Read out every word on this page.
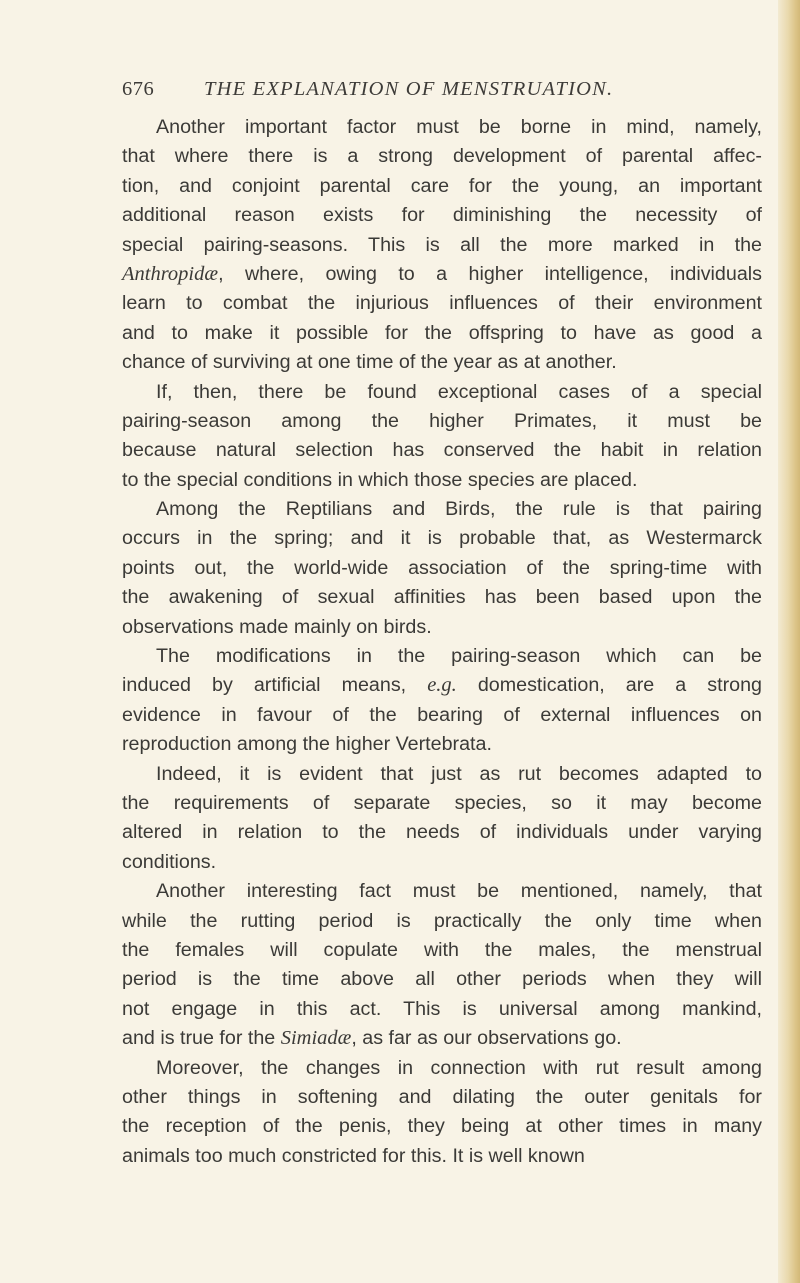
676 THE EXPLANATION OF MENSTRUATION.
Another important factor must be borne in mind, namely,
that where there is a strong development of parental affec-
tion, and conjoint parental care for the young, an important
additional reason exists for diminishing the necessity of
special pairing-seasons. This is all the more marked in the
Anthropidæ, where, owing to a higher intelligence, individuals
learn to combat the injurious influences of their environment
and to make it possible for the offspring to have as good a
chance of surviving at one time of the year as at another.
If, then, there be found exceptional cases of a special
pairing-season among the higher Primates, it must be
because natural selection has conserved the habit in relation
to the special conditions in which those species are placed.
Among the Reptilians and Birds, the rule is that pairing
occurs in the spring; and it is probable that, as Westermarck
points out, the world-wide association of the spring-time with
the awakening of sexual affinities has been based upon the
observations made mainly on birds.
The modifications in the pairing-season which can be
induced by artificial means, e.g. domestication, are a strong
evidence in favour of the bearing of external influences on
reproduction among the higher Vertebrata.
Indeed, it is evident that just as rut becomes adapted to
the requirements of separate species, so it may become
altered in relation to the needs of individuals under varying
conditions.
Another interesting fact must be mentioned, namely, that
while the rutting period is practically the only time when
the females will copulate with the males, the menstrual
period is the time above all other periods when they will
not engage in this act. This is universal among mankind,
and is true for the Simiadæ, as far as our observations go.
Moreover, the changes in connection with rut result among
other things in softening and dilating the outer genitals for
the reception of the penis, they being at other times in many
animals too much constricted for this. It is well known
